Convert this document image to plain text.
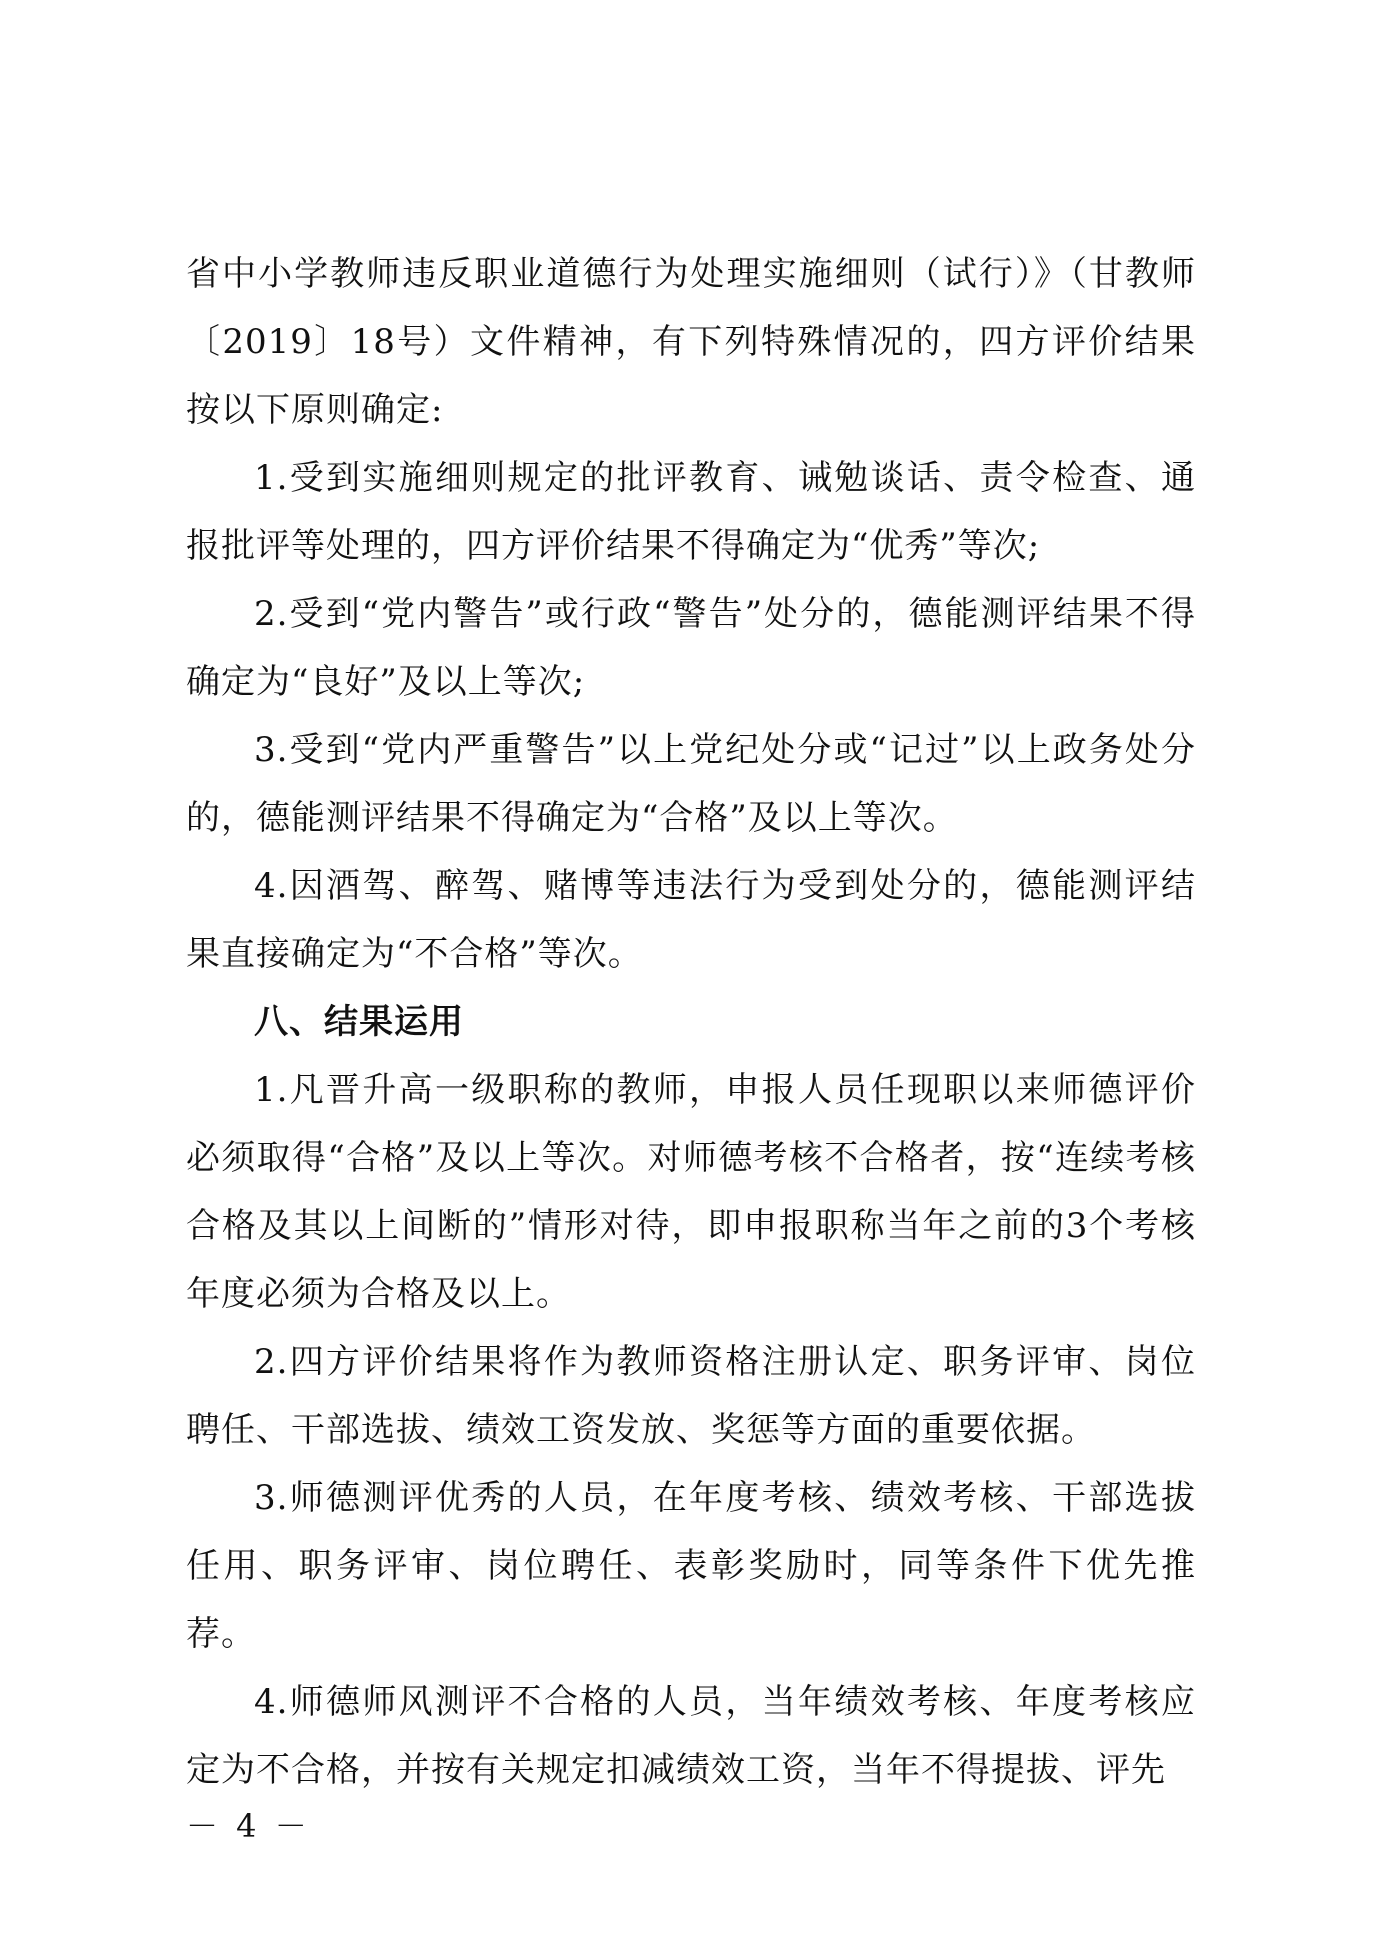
省中小学教师违反职业道德行为处理实施细则（试行）》（甘教师〔2019〕18号）文件精神，有下列特殊情况的，四方评价结果按以下原则确定:

1.受到实施细则规定的批评教育、诫勉谈话、责令检查、通报批评等处理的，四方评价结果不得确定为“优秀”等次;

2.受到“党内警告”或行政“警告”处分的，德能测评结果不得确定为“良好”及以上等次;

3.受到“党内严重警告”以上党纪处分或“记过”以上政务处分的，德能测评结果不得确定为“合格”及以上等次。

4.因酒驾、醉驾、赌博等违法行为受到处分的，德能测评结果直接确定为“不合格”等次。

八、结果运用

1.凡晋升高一级职称的教师，申报人员任现职以来师德评价必须取得“合格”及以上等次。对师德考核不合格者，按“连续考核合格及其以上间断的”情形对待，即申报职称当年之前的3个考核年度必须为合格及以上。

2.四方评价结果将作为教师资格注册认定、职务评审、岗位聘任、干部选拔、绩效工资发放、奖惩等方面的重要依据。

3.师德测评优秀的人员，在年度考核、绩效考核、干部选拔任用、职务评审、岗位聘任、表彰奖励时，同等条件下优先推荐。

4.师德师风测评不合格的人员，当年绩效考核、年度考核应定为不合格，并按有关规定扣减绩效工资，当年不得提拔、评先

－ 4 －
